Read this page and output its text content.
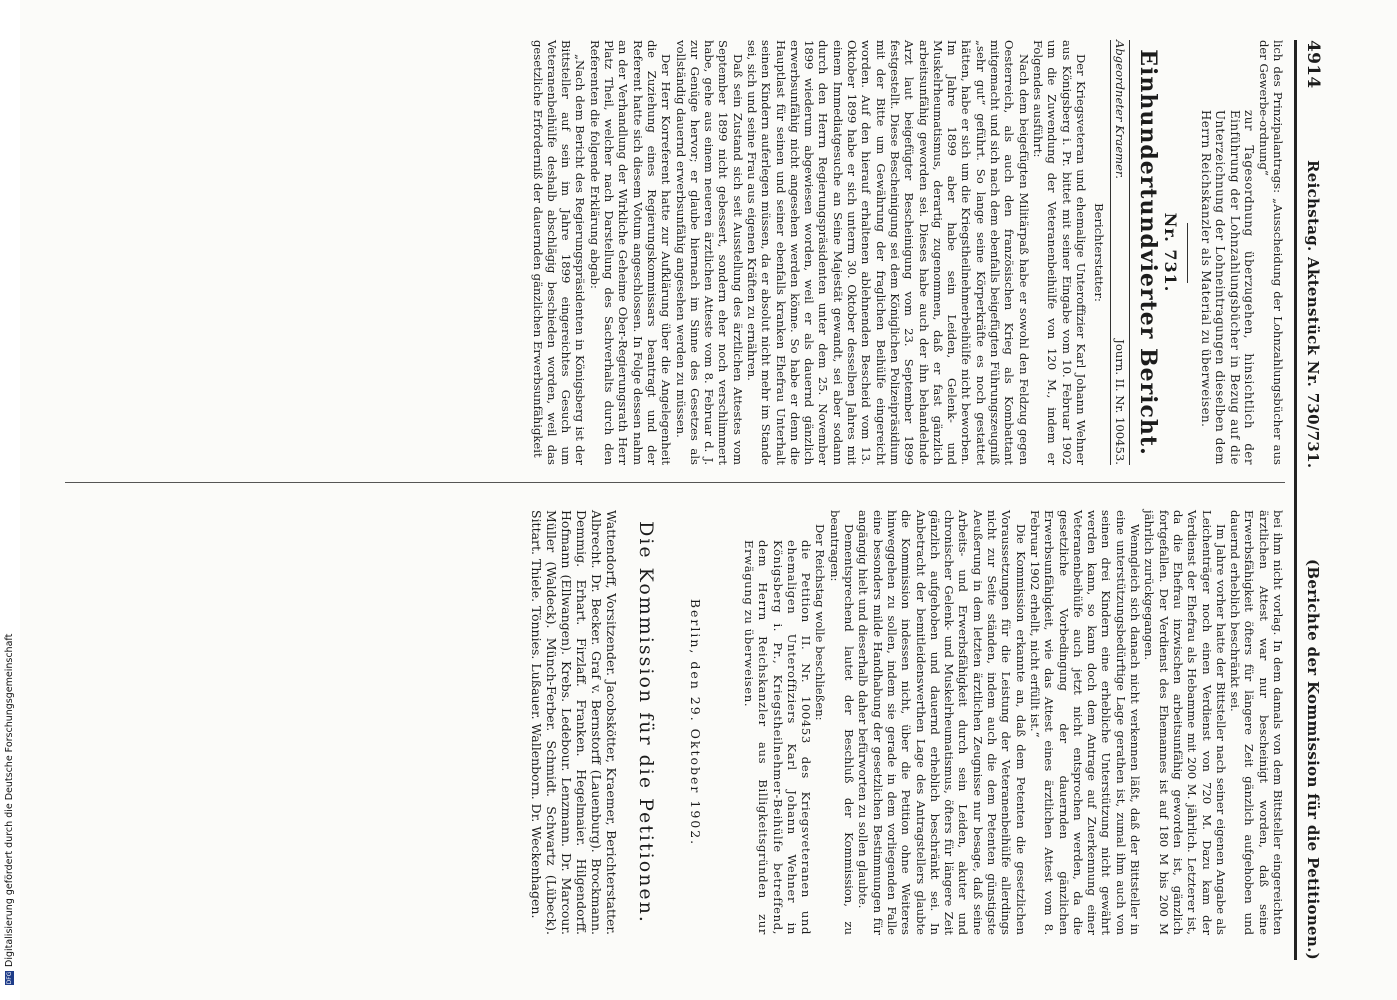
DFGDigitalisierung gefördert durch die Deutsche Forschungsgemeinschaft
4914
Reichstag. Aktenstück Nr. 730/731.
(Berichte der Kommission für die Petitionen.)

lich des Prinzipalantrags: „Ausscheidung der Lohnzahlungsbücher aus der Gewerbe-ordnung“

zur Tagesordnung überzugehen, hinsichtlich der Einführung der Lohnzahlungsbücher in Bezug auf die Unterzeichnung der Lohneintragungen dieselben dem Herrn Reichskanzler als Material zu überweisen.
Nr. 731.
Einhundertundvierter Bericht.
Abgeordneter Kraemer.
Journ. II. Nr. 100453.
Berichterstatter:

Der Kriegsveteran und ehemalige Unteroffizier Karl Johann Wehner aus Königsberg i. Pr. bittet mit seiner Eingabe vom 10. Februar 1902 um die Zuwendung der Veteranenbeihülfe von 120 M., indem er Folgendes ausführt:

Nach dem beigefügten Militärpaß habe er sowohl den Feldzug gegen Oesterreich, als auch den französischen Krieg als Kombattant mitgemacht und sich nach dem ebenfalls beigefügten Führungszeugniß „sehr gut“ geführt. So lange seine Körperkräfte es noch gestattet hätten, habe er sich um die Kriegstheilnehmerbeihülfe nicht beworben. Im Jahre 1899 aber habe sein Leiden, Gelenk- und Muskelrheumatismus, derartig zugenommen, daß er fast gänzlich arbeitsunfähig geworden sei. Dieses habe auch der ihn behandelnde Arzt laut beigefügter Bescheinigung vom 23. September 1899 festgestellt. Diese Bescheinigung sei dem Königlichen Polizeipräsidium mit der Bitte um Gewährung der fraglichen Beihülfe eingereicht worden. Auf den hierauf erhaltenen ablehnenden Bescheid vom 13. Oktober 1899 habe er sich unterm 30. Oktober desselben Jahres mit einem Immediatgesuche an Seine Majestät gewandt, sei aber sodann durch den Herrn Regierungspräsidenten unter dem 25. November 1899 wiederum abgewiesen worden, weil er als dauernd gänzlich erwerbsunfähig nicht angesehen werden könne. So habe er denn die Hauptlast für seinen und seiner ebenfalls kranken Ehefrau Unterhalt seinen Kindern auferlegen müssen, da er absolut nicht mehr im Stande sei, sich und seine Frau aus eigenen Kräften zu ernähren.

Daß sein Zustand sich seit Ausstellung des ärztlichen Attestes vom September 1899 nicht gebessert, sondern eher noch verschlimmert habe, gehe aus einem neueren ärztlichen Atteste vom 8. Februar d. J. zur Genüge hervor; er glaube hiernach im Sinne des Gesetzes als vollständig dauernd erwerbsunfähig angesehen werden zu müssen.

Der Herr Korreferent hatte zur Aufklärung über die Angelegenheit die Zuziehung eines Regierungskommissars beantragt und der Referent hatte sich diesem Votum angeschlossen. In Folge dessen nahm an der Verhandlung der Wirkliche Geheime Ober-Regierungsrath Herr Platz Theil, welcher nach Darstellung des Sachverhalts durch den Referenten die folgende Erklärung abgab:

„Nach dem Bericht des Regierungspräsidenten in Königsberg ist der Bittsteller auf sein im Jahre 1899 eingereichtes Gesuch um Veteranenbeihülfe deshalb abschlägig beschieden worden, weil das gesetzliche Erforderniß der dauernden gänzlichen Erwerbsunfähigkeit

bei ihm nicht vorlag. In dem damals von dem Bittsteller eingereichten ärztlichen Attest war nur bescheinigt worden, daß seine Erwerbsfähigkeit öfters für längere Zeit gänzlich aufgehoben und dauernd erheblich beschränkt sei.

Im Jahre vorher hatte der Bittsteller nach seiner eigenen Angabe als Leichenträger noch einen Verdienst von 720 M. Dazu kam der Verdienst der Ehefrau als Hebamme mit 200 M. jährlich. Letzterer ist, da die Ehefrau inzwischen arbeitsunfähig geworden ist, gänzlich fortgefallen. Der Verdienst des Ehemannes ist auf 180 M bis 200 M jährlich zurückgegangen.

Wenngleich sich danach nicht verkennen läßt, daß der Bittsteller in eine unterstützungsbedürftige Lage gerathen ist, zumal ihm auch von seinen drei Kindern eine erhebliche Unterstützung nicht gewährt werden kann, so kann doch dem Antrage auf Zuerkennung einer Veteranenbeihülfe auch jetzt nicht entsprochen werden, da die gesetzliche Vorbedingung der dauernden gänzlichen Erwerbsunfähigkeit, wie das Attest eines ärztlichen Attest vom 8. Februar 1902 erhellt, nicht erfüllt ist.“

Die Kommission erkannte an, daß dem Petenten die gesetzlichen Voraussetzungen für die Leistung der Veteranenbeihülfe allerdings nicht zur Seite ständen, indem auch die dem Petenten günstigste Aeußerung in dem letzten ärztlichen Zeugnisse nur besage, daß seine Arbeits- und Erwerbsfähigkeit durch sein Leiden, akuter und chronischer Gelenk- und Muskelrheumatismus, öfters für längere Zeit gänzlich aufgehoben und dauernd erheblich beschränkt sei. In Anbetracht der bemitleidenswerthen Lage des Antragstellers glaubte die Kommission indessen nicht, über die Petition ohne Weiteres hinweggehen zu sollen, indem sie gerade in dem vorliegenden Falle eine besonders milde Handhabung der gesetzlichen Bestimmungen für angängig hielt und dieserhalb daher befürworten zu sollen glaubte.

Dementsprechend lautet der Beschluß der Kommission, zu beantragen:

Der Reichstag wolle beschließen:

die Petition II. Nr. 100453 des Kriegsveteranen und ehemaligen Unteroffiziers Karl Johann Wehner in Königsberg i. Pr., Kriegstheilnehmer-Beihülfe betreffend, dem Herrn Reichskanzler aus Billigkeitsgründen zur Erwägung zu überweisen.
Berlin, den 29. Oktober 1902.
Die Kommission für die Petitionen.
Wattendorff, Vorsitzender. Jacobskötter, Kraemer, Berichterstatter. Albrecht. Dr. Becker. Graf v. Bernstorff (Lauenburg). Brockmann. Demmig. Erhart. Firzlaff. Franken. Hegelmaier. Hilgendorff. Hofmann (Ellwangen). Krebs. Ledebour. Lenzmann. Dr. Marcour. Müller (Waldeck). Münch-Ferber. Schmidt. Schwartz (Lübeck). Sittart. Thiele. Tönnies. Lußauer. Wallenborn. Dr. Weckenhagen.
